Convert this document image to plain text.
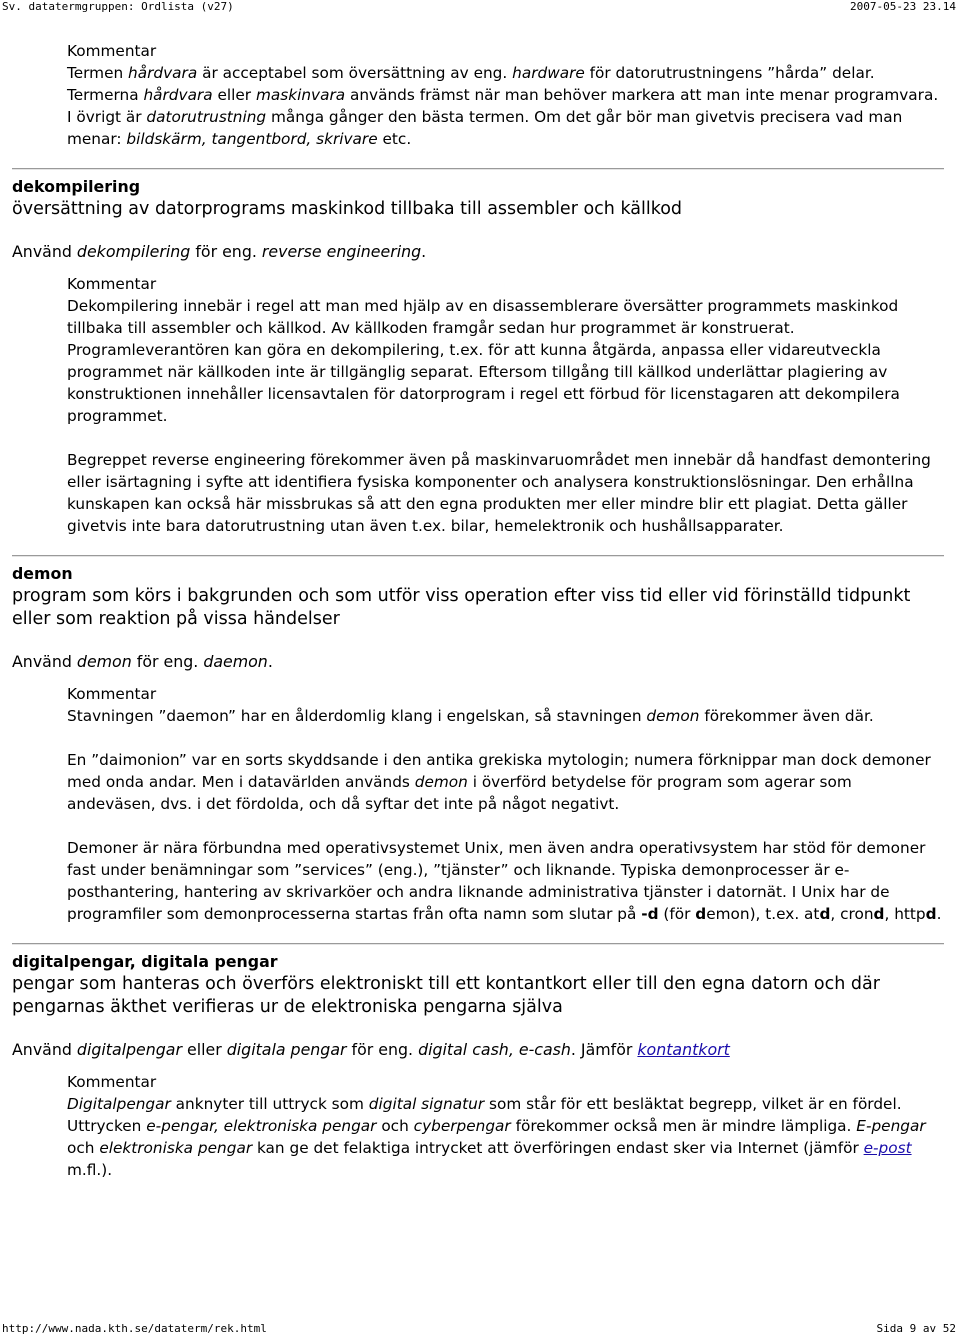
Sv. datatermgruppen: Ordlista (v27)	2007-05-23 23.14
Kommentar

Termen hårdvara är acceptabel som översättning av eng. hardware för datorutrustningens ”hårda” delar. Termerna hårdvara eller maskinvara används främst när man behöver markera att man inte menar programvara. I övrigt är datorutrustning många gånger den bästa termen. Om det går bör man givetvis precisera vad man menar: bildskärm, tangentbord, skrivare etc.

dekompilering
översättning av datorprograms maskinkod tillbaka till assembler och källkod
Använd dekompilering för eng. reverse engineering.
Kommentar

Dekompilering innebär i regel att man med hjälp av en disassemblerare översätter programmets maskinkod tillbaka till assembler och källkod. Av källkoden framgår sedan hur programmet är konstruerat. Programleverantören kan göra en dekompilering, t.ex. för att kunna åtgärda, anpassa eller vidareutveckla programmet när källkoden inte är tillgänglig separat. Eftersom tillgång till källkod underlättar plagiering av konstruktionen innehåller licensavtalen för datorprogram i regel ett förbud för licenstagaren att dekompilera programmet.

Begreppet reverse engineering förekommer även på maskinvaruområdet men innebär då handfast demontering eller isärtagning i syfte att identifiera fysiska komponenter och analysera konstruktionslösningar. Den erhållna kunskapen kan också här missbrukas så att den egna produkten mer eller mindre blir ett plagiat. Detta gäller givetvis inte bara datorutrustning utan även t.ex. bilar, hemelektronik och hushållsapparater.

demon
program som körs i bakgrunden och som utför viss operation efter viss tid eller vid förinställd tidpunkt eller som reaktion på vissa händelser
Använd demon för eng. daemon.
Kommentar

Stavningen ”daemon” har en ålderdomlig klang i engelskan, så stavningen demon förekommer även där.

En ”daimonion” var en sorts skyddsande i den antika grekiska mytologin; numera förknippar man dock demoner med onda andar. Men i datavärlden används demon i överförd betydelse för program som agerar som andeväsen, dvs. i det fördolda, och då syftar det inte på något negativt.

Demoner är nära förbundna med operativsystemet Unix, men även andra operativsystem har stöd för demoner fast under benämningar som ”services” (eng.), ”tjänster” och liknande. Typiska demonprocesser är e-posthantering, hantering av skrivarköer och andra liknande administrativa tjänster i datornät. I Unix har de programfiler som demonprocesserna startas från ofta namn som slutar på -d (för demon), t.ex. atd, crond, httpd.

digitalpengar, digitala pengar
pengar som hanteras och överförs elektroniskt till ett kontantkort eller till den egna datorn och där pengarnas äkthet verifieras ur de elektroniska pengarna själva
Använd digitalpengar eller digitala pengar för eng. digital cash, e-cash. Jämför kontantkort
Kommentar

Digitalpengar anknyter till uttryck som digital signatur som står för ett besläktat begrepp, vilket är en fördel. Uttrycken e-pengar, elektroniska pengar och cyberpengar förekommer också men är mindre lämpliga. E-pengar och elektroniska pengar kan ge det felaktiga intrycket att överföringen endast sker via Internet (jämför e-post m.fl.).

http://www.nada.kth.se/dataterm/rek.html	Sida 9 av 52
